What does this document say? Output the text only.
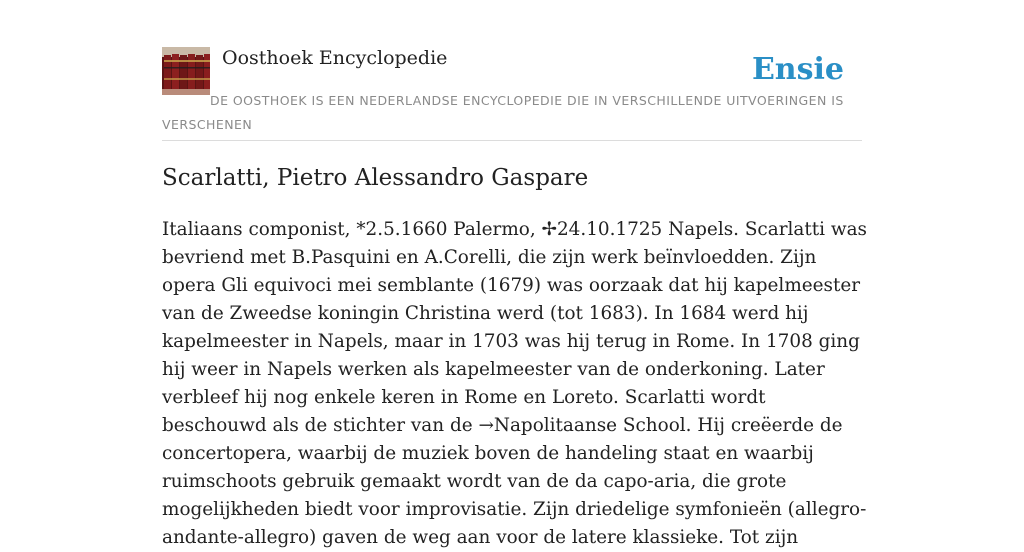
Oosthoek Encyclopedie	Ensie
DE OOSTHOEK IS EEN NEDERLANDSE ENCYCLOPEDIE DIE IN VERSCHILLENDE UITVOERINGEN IS VERSCHENEN
Scarlatti, Pietro Alessandro Gaspare

Italiaans componist, *2.5.1660 Palermo, ✢24.10.1725 Napels. Scarlatti was bevriend met B.Pasquini en A.Corelli, die zijn werk beïnvloedden. Zijn opera Gli equivoci mei semblante (1679) was oorzaak dat hij kapelmeester van de Zweedse koningin Christina werd (tot 1683). In 1684 werd hij kapelmeester in Napels, maar in 1703 was hij terug in Rome. In 1708 ging hij weer in Napels werken als kapelmeester van de onderkoning. Later verbleef hij nog enkele keren in Rome en Loreto. Scarlatti wordt beschouwd als de stichter van de →Napolitaanse School. Hij creëerde de concertopera, waarbij de muziek boven de handeling staat en waarbij ruimschoots gebruik gemaakt wordt van de da capo-aria, die grote mogelijkheden biedt voor improvisatie. Zijn driedelige symfonieën (allegro-andante-allegro) gaven de weg aan voor de latere klassieke. Tot zijn
